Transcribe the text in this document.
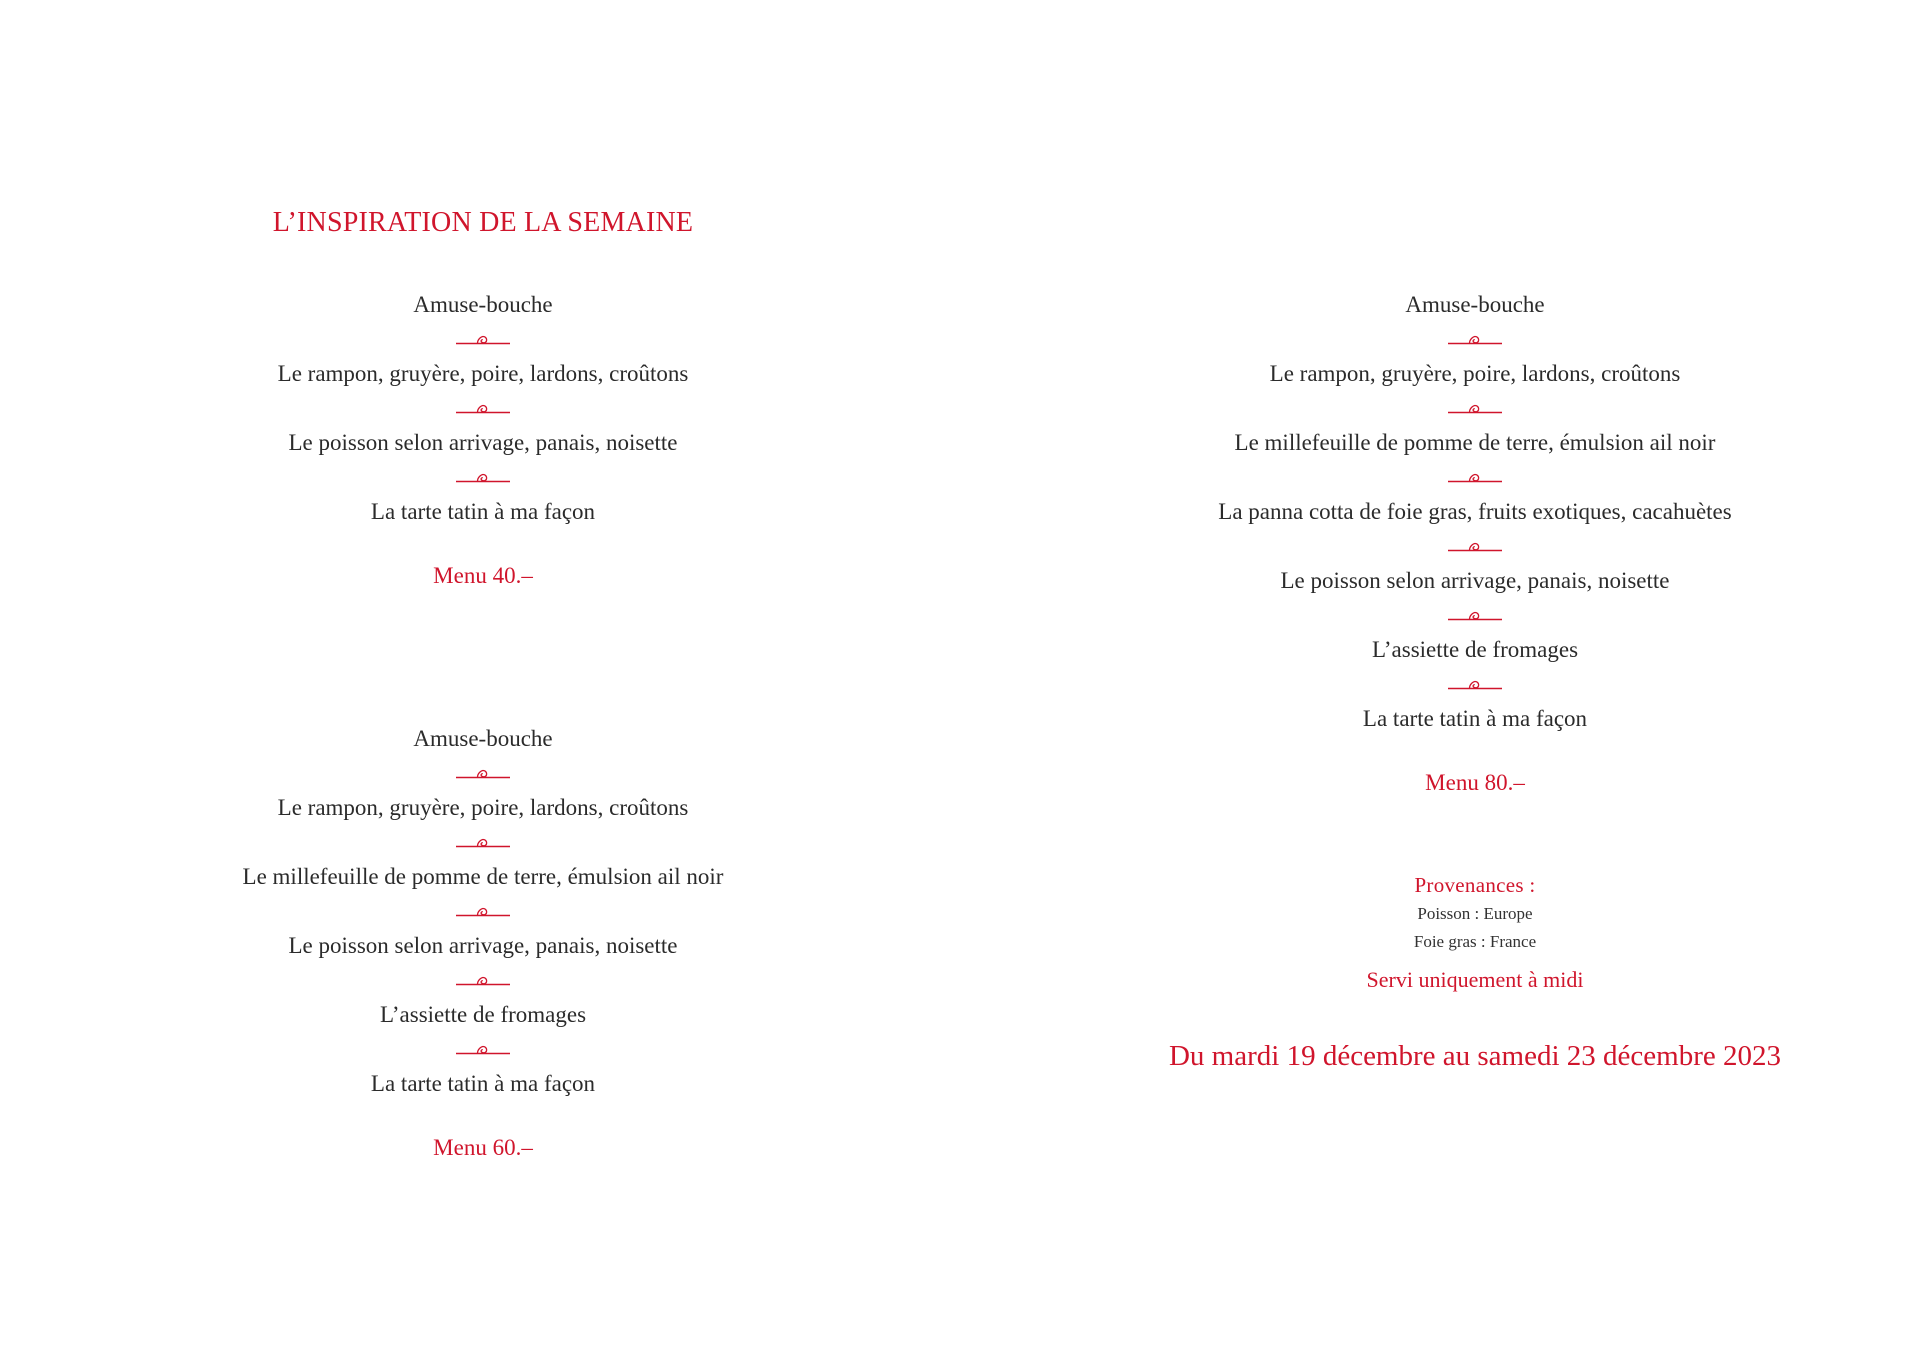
L’INSPIRATION DE LA SEMAINE
Amuse-bouche
Le rampon, gruyère, poire, lardons, croûtons
Le poisson selon arrivage, panais, noisette
La tarte tatin à ma façon
Menu 40.–
Amuse-bouche
Le rampon, gruyère, poire, lardons, croûtons
Le millefeuille de pomme de terre, émulsion ail noir
Le poisson selon arrivage, panais, noisette
L’assiette de fromages
La tarte tatin à ma façon
Menu 60.–
Amuse-bouche
Le rampon, gruyère, poire, lardons, croûtons
Le millefeuille de pomme de terre, émulsion ail noir
La panna cotta de foie gras, fruits exotiques, cacahuètes
Le poisson selon arrivage, panais, noisette
L’assiette de fromages
La tarte tatin à ma façon
Menu 80.–
Provenances :
Poisson : Europe
Foie gras : France
Servi uniquement à midi
Du mardi 19 décembre au samedi 23 décembre 2023
